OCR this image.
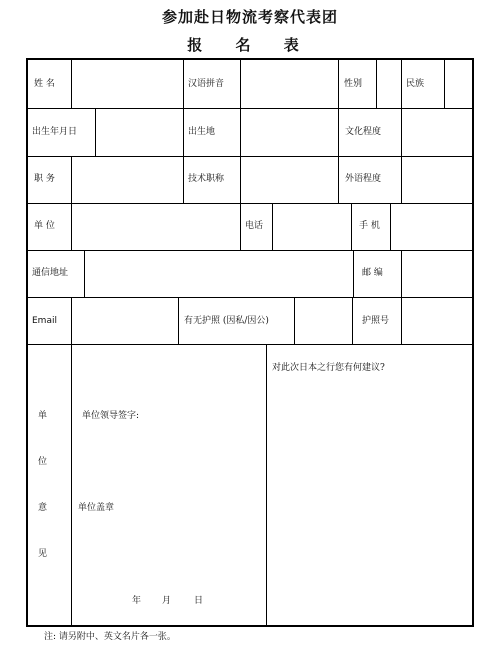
参加赴日物流考察代表团
报 名 表
姓 名	汉语拼音	性别	民族
出生年月日	出生地	文化程度
职 务	技术职称	外语程度
单 位	电话	手 机
通信地址	邮 编
Email	有无护照 (因私/因公)	护照号
单
位
意
见
单位领导签字:
单位盖章
年 月	日
对此次日本之行您有何建议?
注: 请另附中、英文名片各一张。
